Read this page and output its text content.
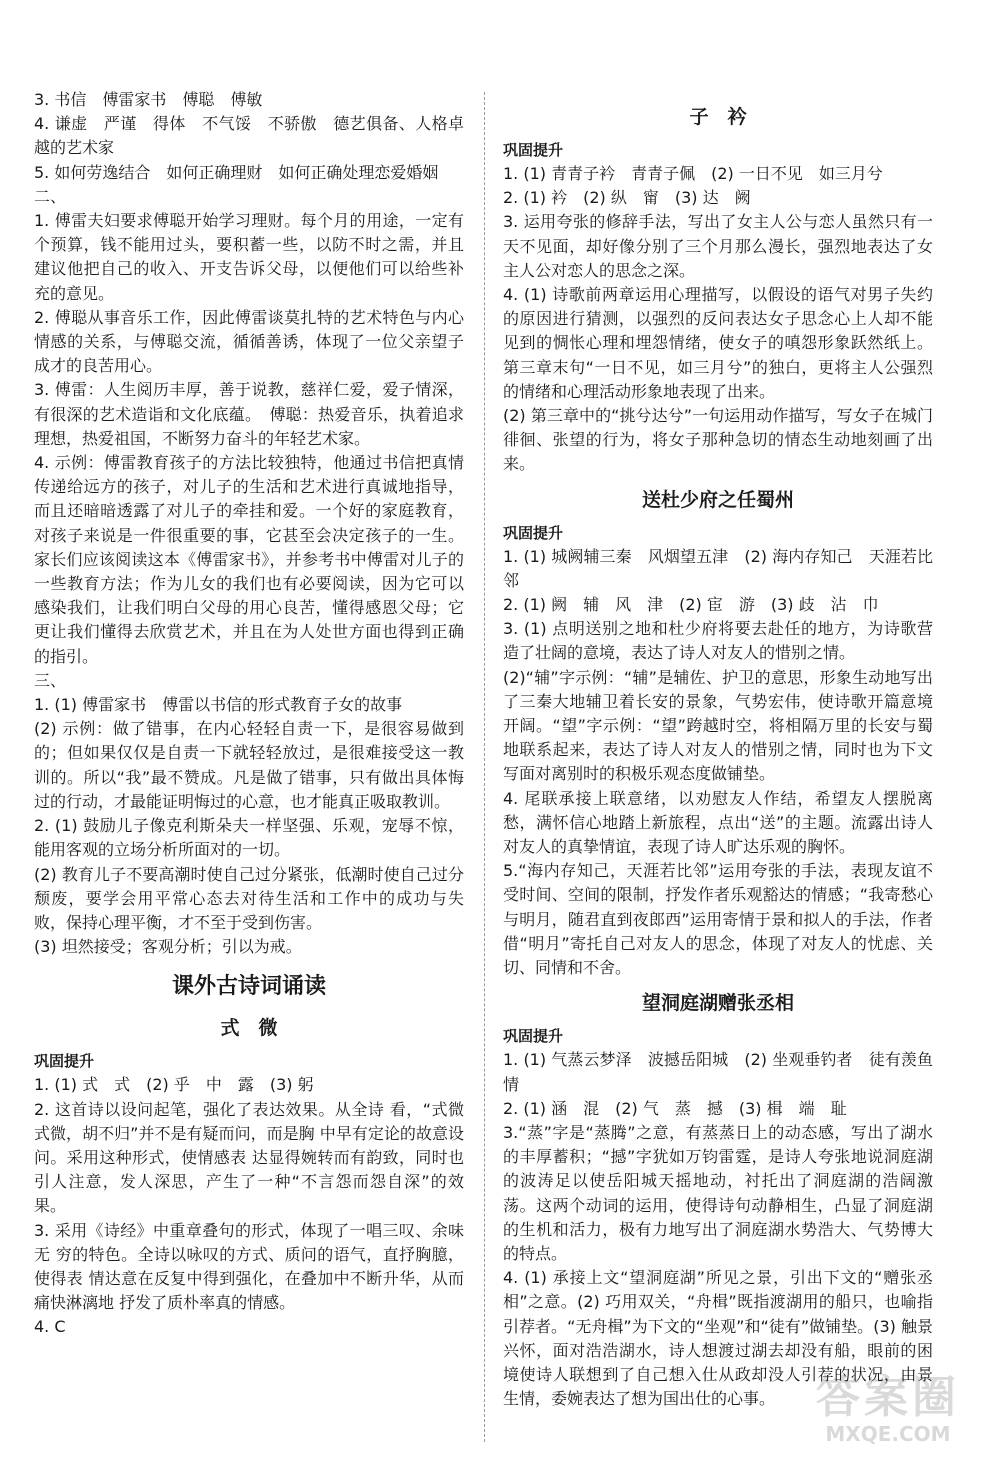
3. 书信　傅雷家书　傅聪　傅敏
4. 谦虚　严谨　得体　不气馁　不骄傲　德艺俱备、人格卓越的艺术家
5. 如何劳逸结合　如何正确理财　如何正确处理恋爱婚姻
二、
1. 傅雷夫妇要求傅聪开始学习理财。每个月的用途，一定有个预算，钱不能用过头，要积蓄一些，以防不时之需，并且建议他把自己的收入、开支告诉父母，以便他们可以给些补充的意见。
2. 傅聪从事音乐工作，因此傅雷谈莫扎特的艺术特色与内心情感的关系，与傅聪交流，循循善诱，体现了一位父亲望子成才的良苦用心。
3. 傅雷：人生阅历丰厚，善于说教，慈祥仁爱，爱子情深，有很深的艺术造诣和文化底蕴。　傅聪：热爱音乐，执着追求理想，热爱祖国，不断努力奋斗的年轻艺术家。
4. 示例：傅雷教育孩子的方法比较独特，他通过书信把真情传递给远方的孩子，对儿子的生活和艺术进行真诚地指导，而且还暗暗透露了对儿子的牵挂和爱。一个好的家庭教育，对孩子来说是一件很重要的事，它甚至会决定孩子的一生。家长们应该阅读这本《傅雷家书》，并参考书中傅雷对儿子的一些教育方法；作为儿女的我们也有必要阅读，因为它可以感染我们，让我们明白父母的用心良苦，懂得感恩父母；它更让我们懂得去欣赏艺术，并且在为人处世方面也得到正确的指引。
三、
1. (1) 傅雷家书　傅雷以书信的形式教育子女的故事
(2) 示例：做了错事，在内心轻轻自责一下，是很容易做到的；但如果仅仅是自责一下就轻轻放过，是很难接受这一教训的。所以“我”最不赞成。凡是做了错事，只有做出具体悔过的行动，才最能证明悔过的心意，也才能真正吸取教训。
2. (1) 鼓励儿子像克利斯朵夫一样坚强、乐观，宠辱不惊，能用客观的立场分析所面对的一切。
(2) 教育儿子不要高潮时使自己过分紧张，低潮时使自己过分颓废，要学会用平常心态去对待生活和工作中的成功与失败，保持心理平衡，才不至于受到伤害。
(3) 坦然接受；客观分析；引以为戒。
课外古诗词诵读
式　微
巩固提升
1. (1) 式　式　(2) 乎　中　露　(3) 躬
2. 这首诗以设问起笔，强化了表达效果。从全诗 看，“式微式微，胡不归”并不是有疑而问，而是胸 中早有定论的故意设问。采用这种形式，使情感表 达显得婉转而有韵致，同时也引人注意，发人深思，产生了一种“不言怨而怨自深”的效果。
3. 采用《诗经》中重章叠句的形式，体现了一唱三叹、余味无 穷的特色。全诗以咏叹的方式、质问的语气，直抒胸臆，使得表 情达意在反复中得到强化，在叠加中不断升华，从而痛快淋漓地 抒发了质朴率真的情感。
4. C
子　衿
巩固提升
1. (1) 青青子衿　青青子佩　(2) 一日不见　如三月兮
2. (1) 衿　(2) 纵　甯　(3) 达　阙
3. 运用夸张的修辞手法，写出了女主人公与恋人虽然只有一天不见面，却好像分别了三个月那么漫长，强烈地表达了女主人公对恋人的思念之深。
4. (1) 诗歌前两章运用心理描写，以假设的语气对男子失约的原因进行猜测，以强烈的反问表达女子思念心上人却不能见到的惆怅心理和埋怨情绪，使女子的嗔怨形象跃然纸上。第三章末句“一日不见，如三月兮”的独白，更将主人公强烈的情绪和心理活动形象地表现了出来。
(2) 第三章中的“挑兮达兮”一句运用动作描写，写女子在城门徘徊、张望的行为，将女子那种急切的情态生动地刻画了出来。
送杜少府之任蜀州
巩固提升
1. (1) 城阙辅三秦　风烟望五津　(2) 海内存知己　天涯若比邻
2. (1) 阙　辅　风　津　(2) 宦　游　(3) 歧　沾　巾
3. (1) 点明送别之地和杜少府将要去赴任的地方，为诗歌营造了壮阔的意境，表达了诗人对友人的惜别之情。
(2)“辅”字示例：“辅”是辅佐、护卫的意思，形象生动地写出了三秦大地辅卫着长安的景象，气势宏伟，使诗歌开篇意境开阔。“望”字示例：“望”跨越时空，将相隔万里的长安与蜀地联系起来，表达了诗人对友人的惜别之情，同时也为下文写面对离别时的积极乐观态度做铺垫。
4. 尾联承接上联意绪，以劝慰友人作结，希望友人摆脱离愁，满怀信心地踏上新旅程，点出“送”的主题。流露出诗人对友人的真挚情谊，表现了诗人旷达乐观的胸怀。
5.“海内存知己，天涯若比邻”运用夸张的手法，表现友谊不受时间、空间的限制，抒发作者乐观豁达的情感；“我寄愁心与明月，随君直到夜郎西”运用寄情于景和拟人的手法，作者借“明月”寄托自己对友人的思念，体现了对友人的忧虑、关切、同情和不舍。
望洞庭湖赠张丞相
巩固提升
1. (1) 气蒸云梦泽　波撼岳阳城　(2) 坐观垂钓者　徒有羡鱼情
2. (1) 涵　混　(2) 气　蒸　撼　(3) 楫　端　耻
3.“蒸”字是“蒸腾”之意，有蒸蒸日上的动态感，写出了湖水的丰厚蓄积；“撼”字犹如万钧雷霆，是诗人夸张地说洞庭湖的波涛足以使岳阳城天摇地动，衬托出了洞庭湖的浩阔激荡。这两个动词的运用，使得诗句动静相生，凸显了洞庭湖的生机和活力，极有力地写出了洞庭湖水势浩大、气势博大的特点。
4. (1) 承接上文“望洞庭湖”所见之景，引出下文的“赠张丞相”之意。(2) 巧用双关，“舟楫”既指渡湖用的船只，也喻指引荐者。“无舟楫”为下文的“坐观”和“徒有”做铺垫。(3) 触景兴怀，面对浩浩湖水，诗人想渡过湖去却没有船，眼前的困境使诗人联想到了自己想入仕从政却没人引荐的状况，由景生情，委婉表达了想为国出仕的心事。 答案圈
MXQE.COM
